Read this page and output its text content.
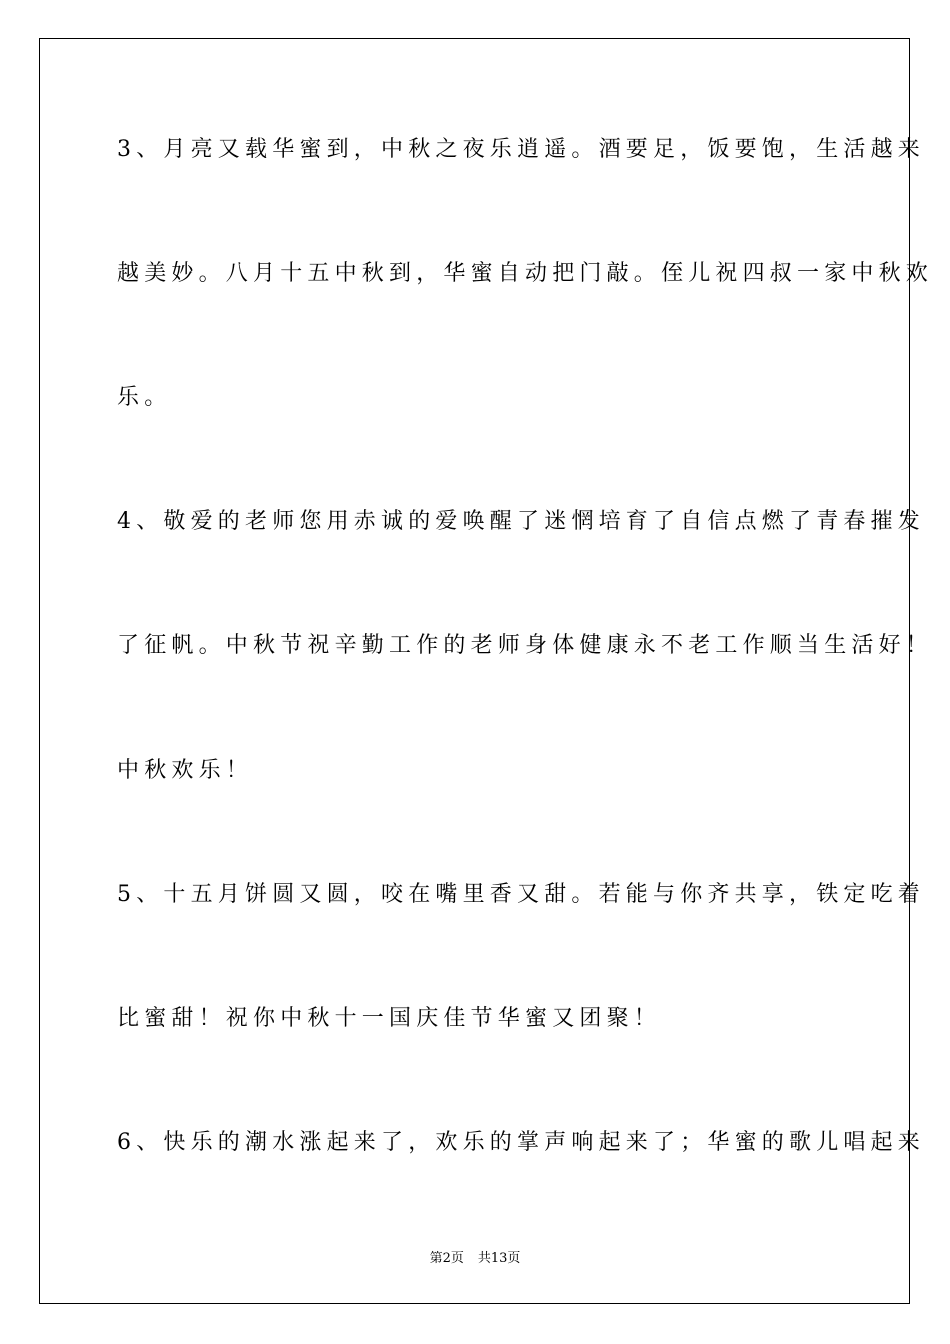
3、月亮又载华蜜到，中秋之夜乐逍遥。酒要足，饭要饱，生活越来
越美妙。八月十五中秋到，华蜜自动把门敲。侄儿祝四叔一家中秋欢
乐。
4、敬爱的老师您用赤诚的爱唤醒了迷惘培育了自信点燃了青春摧发
了征帆。中秋节祝辛勤工作的老师身体健康永不老工作顺当生活好！
中秋欢乐！
5、十五月饼圆又圆，咬在嘴里香又甜。若能与你齐共享，铁定吃着
比蜜甜！祝你中秋十一国庆佳节华蜜又团聚！
6、快乐的潮水涨起来了，欢乐的掌声响起来了；华蜜的歌儿唱起来
第2页 共13页
